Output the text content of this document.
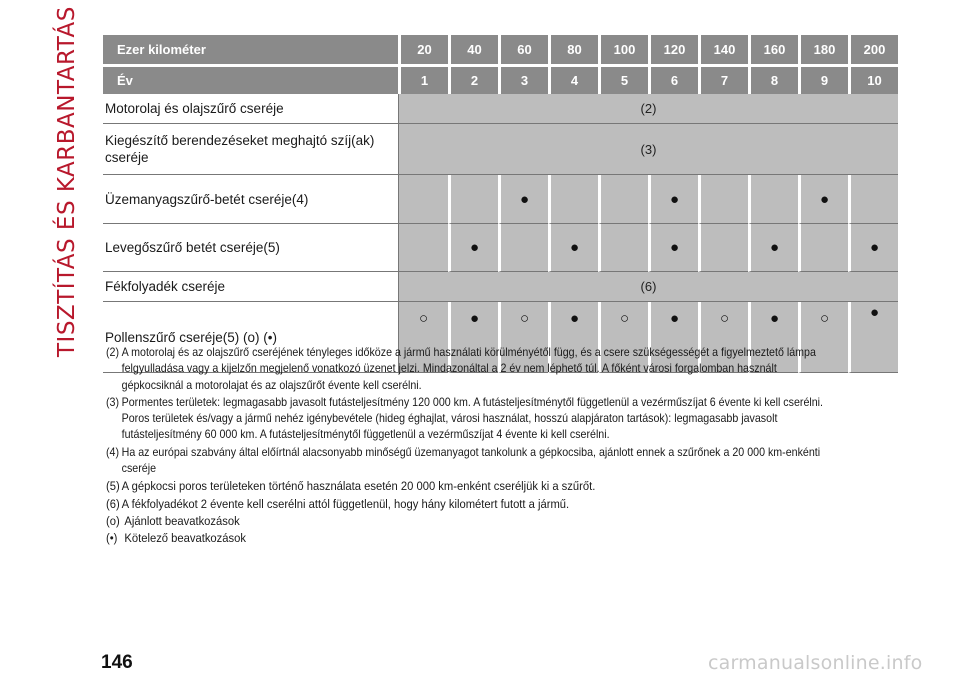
TISZTÍTÁS ÉS KARBANTARTÁS	Ezer kilométer	20	40	60	80	100	120	140	160	180	200
Év	1	2	3	4	5	6	7	8	9	10
Motorolaj és olajszűrő cseréje	(2)									
Kiegészítő berendezéseket meghajtó szíj(ak) cseréje	(3)									
Üzemanyagszűrő-betét cseréje(4)			●			●			●	
Levegőszűrő betét cseréje(5)		●		●		●		●		●
Fékfolyadék cseréje	(6)									
Pollenszűrő cseréje(5) (o) (•)	○	●	○	●	○	●	○	●	○	●
(2) A motorolaj és az olajszűrő cseréjének tényleges időköze a jármű használati körülményétől függ, és a csere szükségességét a figyelmeztető lámpa felgyulladása vagy a kijelzőn megjelenő vonatkozó üzenet jelzi. Mindazonáltal a 2 év nem léphető túl. A főként városi forgalomban használt gépkocsiknál a motorolajat és az olajszűrőt évente kell cserélni.
(3) Pormentes területek: legmagasabb javasolt futásteljesítmény 120 000 km. A futásteljesítménytől függetlenül a vezérműszíjat 6 évente ki kell cserélni. Poros területek és/vagy a jármű nehéz igénybevétele (hideg éghajlat, városi használat, hosszú alapjáraton tartások): legmagasabb javasolt futásteljesítmény 60 000 km. A futásteljesítménytől függetlenül a vezérműszíjat 4 évente ki kell cserélni.
(4) Ha az európai szabvány által előírtnál alacsonyabb minőségű üzemanyagot tankolunk a gépkocsiba, ajánlott ennek a szűrőnek a 20 000 km-enkénti cseréje
(5) A gépkocsi poros területeken történő használata esetén 20 000 km-enként cseréljük ki a szűrőt.
(6) A fékfolyadékot 2 évente kell cserélni attól függetlenül, hogy hány kilométert futott a jármű.
(o) Ajánlott beavatkozások
(•) Kötelező beavatkozások
146	carmanualsonline.info
